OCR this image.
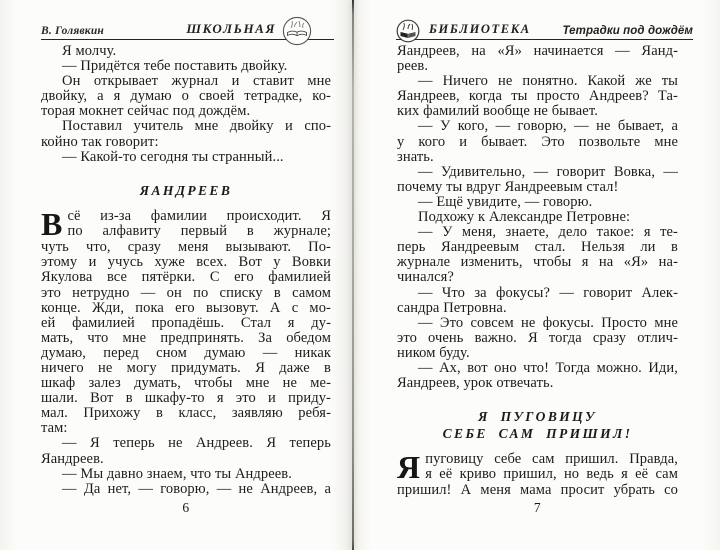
В. Голявкин	ШКОЛЬНАЯ
Я молчу.
— Придётся тебе поставить двойку.
Он открывает журнал и ставит мне
двойку, а я думаю о своей тетрадке, ко-
торая мокнет сейчас под дождём.
Поставил учитель мне двойку и спо-
койно так говорит:
— Какой-то сегодня ты странный...
ЯАНДРЕЕВ
В сё из-за фамилии происходит. Я
по алфавиту первый в журнале;
чуть что, сразу меня вызывают. По-
этому и учусь хуже всех. Вот у Вовки
Якулова все пятёрки. С его фамилией
это нетрудно — он по списку в самом
конце. Жди, пока его вызовут. А с мо-
ей фамилией пропадёшь. Стал я ду-
мать, что мне предпринять. За обедом
думаю, перед сном думаю — никак
ничего не могу придумать. Я даже в
шкаф залез думать, чтобы мне не ме-
шали. Вот в шкафу-то я это и приду-
мал. Прихожу в класс, заявляю ребя-
там:
— Я теперь не Андреев. Я теперь
Яандреев.
— Мы давно знаем, что ты Андреев.
— Да нет, — говорю, — не Андреев, а
6
БИБЛИОТЕКА	Тетрадки под дождём
Яандреев, на «Я» начинается — Яанд-
реев.
— Ничего не понятно. Какой же ты
Яандреев, когда ты просто Андреев? Та-
ких фамилий вообще не бывает.
— У кого, — говорю, — не бывает, а
у кого и бывает. Это позвольте мне
знать.
— Удивительно, — говорит Вовка, —
почему ты вдруг Яандреевым стал!
— Ещё увидите, — говорю.
Подхожу к Александре Петровне:
— У меня, знаете, дело такое: я те-
перь Яандреевым стал. Нельзя ли в
журнале изменить, чтобы я на «Я» на-
чинался?
— Что за фокусы? — говорит Алек-
сандра Петровна.
— Это совсем не фокусы. Просто мне
это очень важно. Я тогда сразу отлич-
ником буду.
— Ах, вот оно что! Тогда можно. Иди,
Яандреев, урок отвечать.
Я ПУГОВИЦУ
СЕБЕ САМ ПРИШИЛ!
Я пуговицу себе сам пришил. Правда,
я её криво пришил, но ведь я её сам
пришил! А меня мама просит убрать со
7
